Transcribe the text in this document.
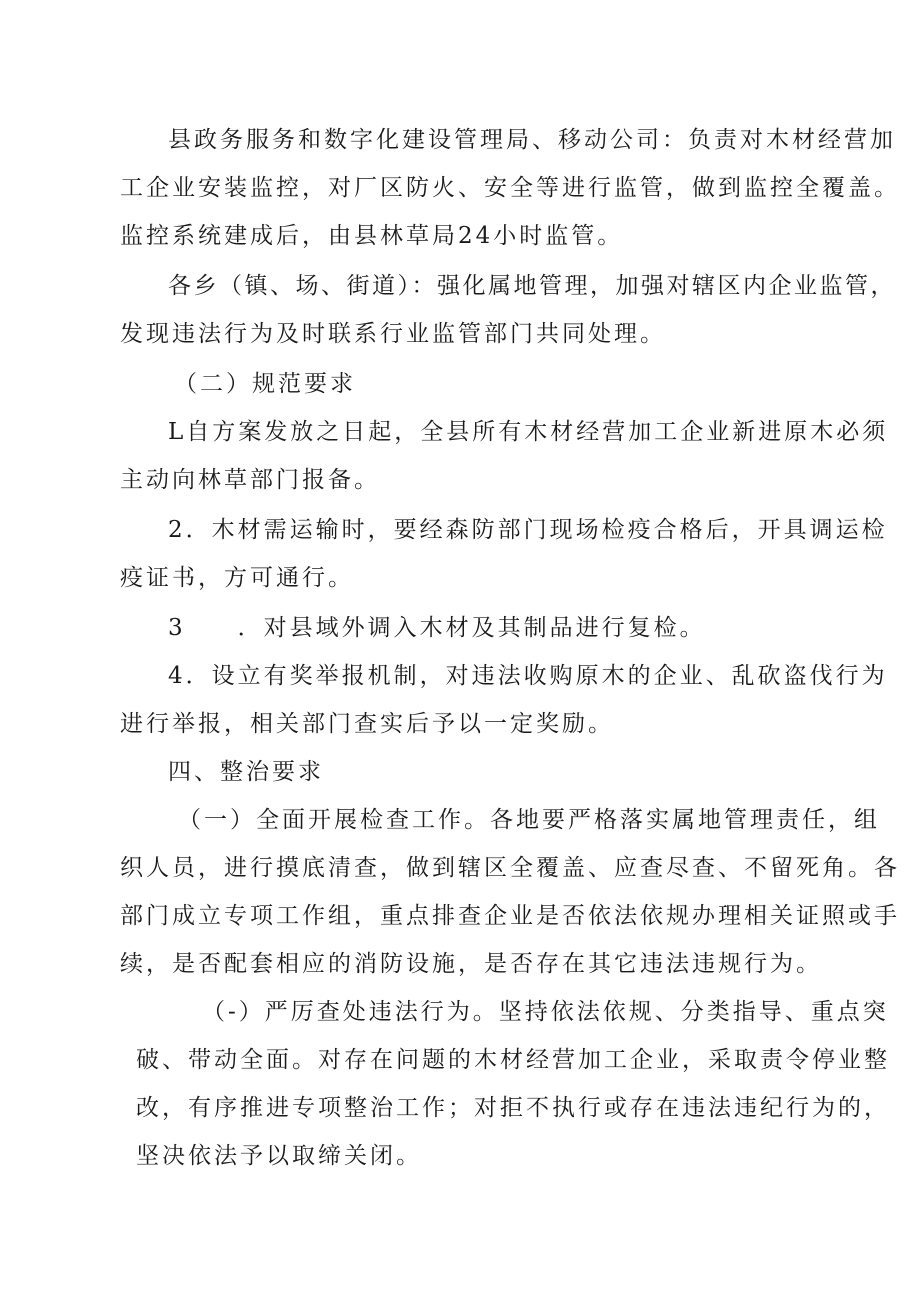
县政务服务和数字化建设管理局、移动公司：负责对木材经营加
工企业安装监控，对厂区防火、安全等进行监管，做到监控全覆盖。
监控系统建成后，由县林草局24小时监管。

各乡（镇、场、街道）：强化属地管理，加强对辖区内企业监管，
发现违法行为及时联系行业监管部门共同处理。

（二）规范要求

L自方案发放之日起，全县所有木材经营加工企业新进原木必须
主动向林草部门报备。

2．木材需运输时，要经森防部门现场检疫合格后，开具调运检
疫证书，方可通行。

3　　．对县域外调入木材及其制品进行复检。

4．设立有奖举报机制，对违法收购原木的企业、乱砍盗伐行为
进行举报，相关部门查实后予以一定奖励。

四、整治要求

（一）全面开展检查工作。各地要严格落实属地管理责任，组
织人员，进行摸底清查，做到辖区全覆盖、应查尽查、不留死角。各
部门成立专项工作组，重点排查企业是否依法依规办理相关证照或手
续，是否配套相应的消防设施，是否存在其它违法违规行为。

（-）严厉查处违法行为。坚持依法依规、分类指导、重点突
破、带动全面。对存在问题的木材经营加工企业，采取责令停业整
改，有序推进专项整治工作；对拒不执行或存在违法违纪行为的，
坚决依法予以取缔关闭。
